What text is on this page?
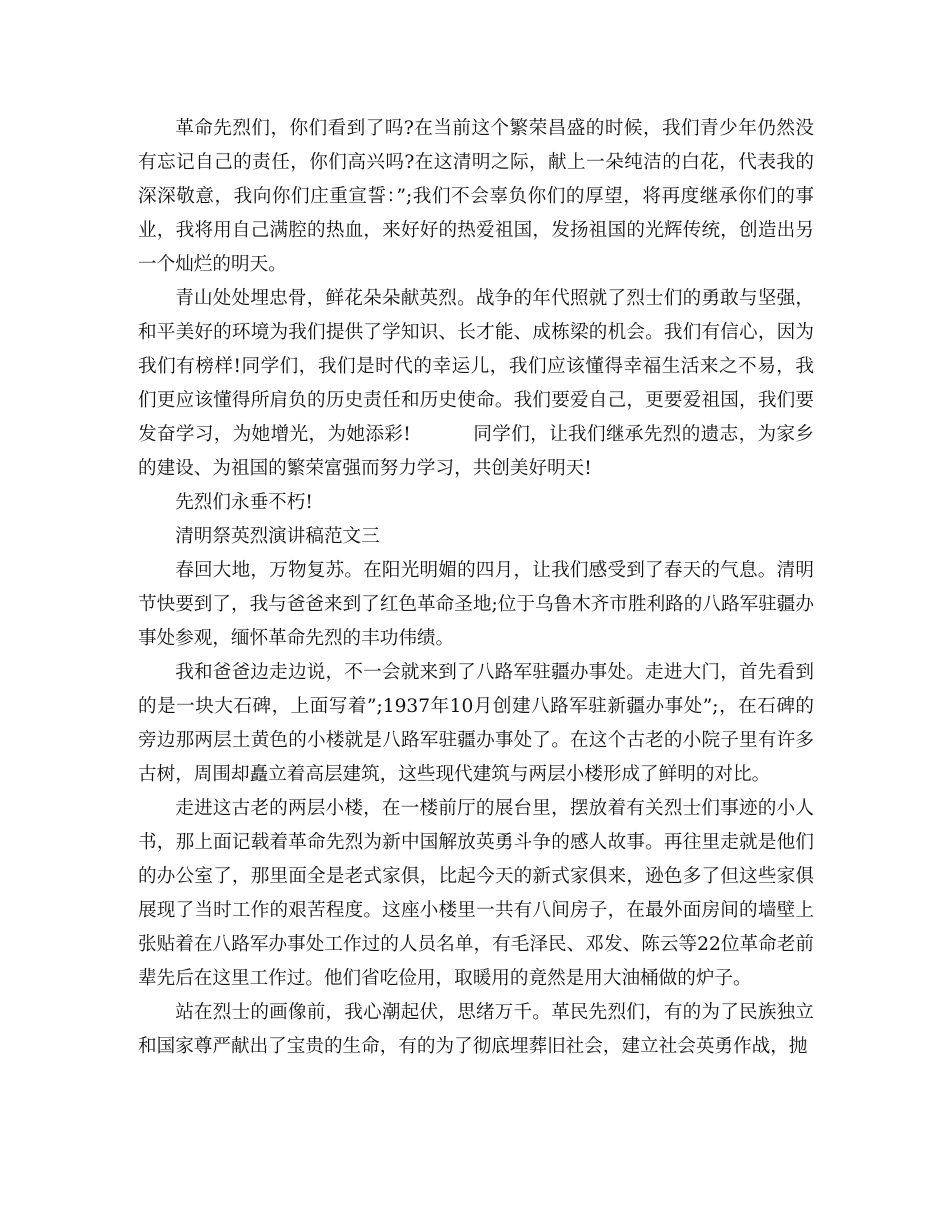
革命先烈们，你们看到了吗?在当前这个繁荣昌盛的时候，我们青少年仍然没有忘记自己的责任，你们高兴吗?在这清明之际，献上一朵纯洁的白花，代表我的深深敬意，我向你们庄重宣誓：”;我们不会辜负你们的厚望，将再度继承你们的事业，我将用自己满腔的热血，来好好的热爱祖国，发扬祖国的光辉传统，创造出另一个灿烂的明天。

青山处处埋忠骨，鲜花朵朵献英烈。战争的年代照就了烈士们的勇敢与坚强，和平美好的环境为我们提供了学知识、长才能、成栋梁的机会。我们有信心，因为我们有榜样!同学们，我们是时代的幸运儿，我们应该懂得幸福生活来之不易，我们更应该懂得所肩负的历史责任和历史使命。我们要爱自己，更要爱祖国，我们要发奋学习，为她增光，为她添彩!          同学们，让我们继承先烈的遗志，为家乡的建设、为祖国的繁荣富强而努力学习，共创美好明天!

先烈们永垂不朽!

清明祭英烈演讲稿范文三

春回大地，万物复苏。在阳光明媚的四月，让我们感受到了春天的气息。清明节快要到了，我与爸爸来到了红色革命圣地;位于乌鲁木齐市胜利路的八路军驻疆办事处参观，缅怀革命先烈的丰功伟绩。

我和爸爸边走边说，不一会就来到了八路军驻疆办事处。走进大门，首先看到的是一块大石碑，上面写着”;1937年10月创建八路军驻新疆办事处”;，在石碑的旁边那两层土黄色的小楼就是八路军驻疆办事处了。在这个古老的小院子里有许多古树，周围却矗立着高层建筑，这些现代建筑与两层小楼形成了鲜明的对比。

走进这古老的两层小楼，在一楼前厅的展台里，摆放着有关烈士们事迹的小人书，那上面记载着革命先烈为新中国解放英勇斗争的感人故事。再往里走就是他们的办公室了，那里面全是老式家俱，比起今天的新式家俱来，逊色多了但这些家俱展现了当时工作的艰苦程度。这座小楼里一共有八间房子，在最外面房间的墙壁上张贴着在八路军办事处工作过的人员名单，有毛泽民、邓发、陈云等22位革命老前辈先后在这里工作过。他们省吃俭用，取暖用的竟然是用大油桶做的炉子。

站在烈士的画像前，我心潮起伏，思绪万千。革民先烈们，有的为了民族独立和国家尊严献出了宝贵的生命，有的为了彻底埋葬旧社会，建立社会英勇作战，抛
